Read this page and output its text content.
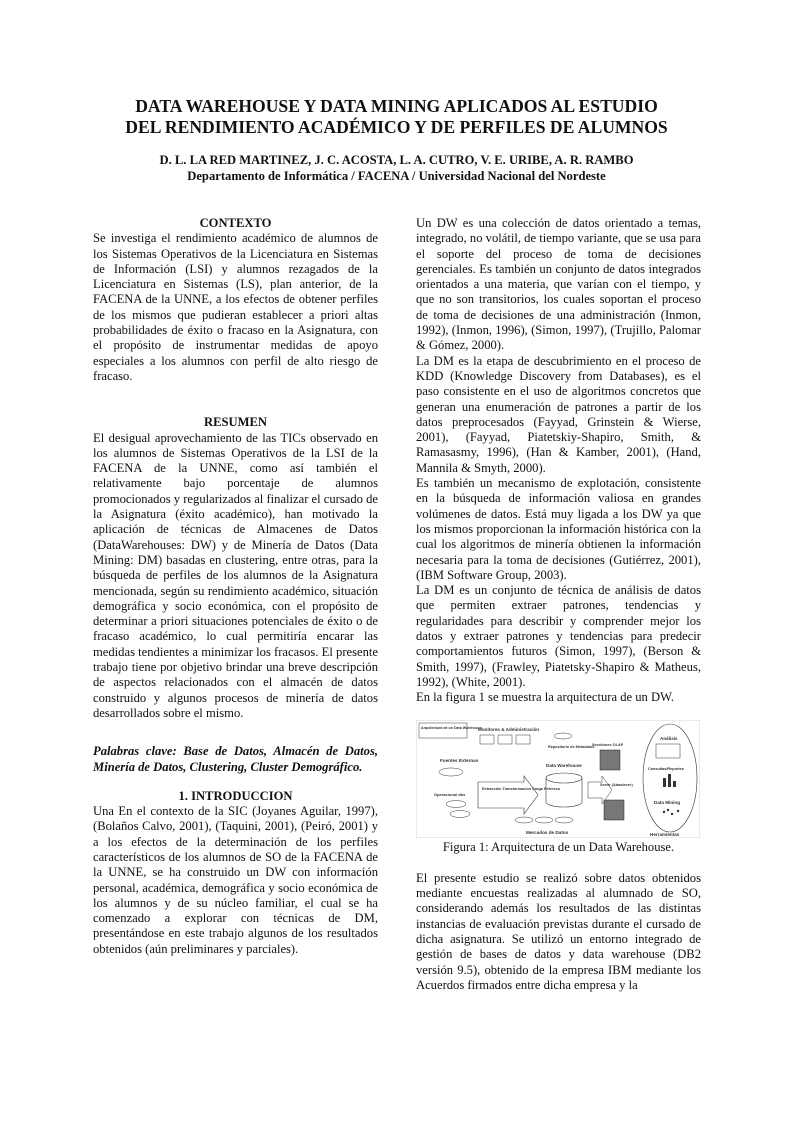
DATA WAREHOUSE Y DATA MINING APLICADOS AL ESTUDIO
DEL RENDIMIENTO ACADÉMICO Y DE PERFILES DE ALUMNOS
D. L. LA RED MARTINEZ, J. C. ACOSTA, L. A. CUTRO, V. E. URIBE, A. R. RAMBO
Departamento de Informática / FACENA / Universidad Nacional del Nordeste

CONTEXTO

Se investiga el rendimiento académico de alumnos de los Sistemas Operativos de la Licenciatura en Sistemas de Información (LSI) y alumnos rezagados de la Licenciatura en Sistemas (LS), plan anterior, de la FACENA de la UNNE, a los efectos de obtener perfiles de los mismos que pudieran establecer a priori altas probabilidades de éxito o fracaso en la Asignatura, con el propósito de instrumentar medidas de apoyo especiales a los alumnos con perfil de alto riesgo de fracaso.

RESUMEN

El desigual aprovechamiento de las TICs observado en los alumnos de Sistemas Operativos de la LSI de la FACENA de la UNNE, como así también el relativamente bajo porcentaje de alumnos promocionados y regularizados al finalizar el cursado de la Asignatura (éxito académico), han motivado la aplicación de técnicas de Almacenes de Datos (DataWarehouses: DW) y de Minería de Datos (Data Mining: DM) basadas en clustering, entre otras, para la búsqueda de perfiles de los alumnos de la Asignatura mencionada, según su rendimiento académico, situación demográfica y socio económica, con el propósito de determinar a priori situaciones potenciales de éxito o de fracaso académico, lo cual permitiría encarar las medidas tendientes a minimizar los fracasos. El presente trabajo tiene por objetivo brindar una breve descripción de aspectos relacionados con el almacén de datos construido y algunos procesos de minería de datos desarrollados sobre el mismo.

Palabras clave: Base de Datos, Almacén de Datos, Minería de Datos, Clustering, Cluster Demográfico.

1. INTRODUCCION

Una En el contexto de la SIC (Joyanes Aguilar, 1997), (Bolaños Calvo, 2001), (Taquini, 2001), (Peiró, 2001) y a los efectos de la determinación de los perfiles característicos de los alumnos de SO de la FACENA de la UNNE, se ha construido un DW con información personal, académica, demográfica y socio económica de los alumnos y de su núcleo familiar, el cual se ha comenzado a explorar con técnicas de DM, presentándose en este trabajo algunos de los resultados obtenidos (aún preliminares y parciales).

Un DW es una colección de datos orientado a temas, integrado, no volátil, de tiempo variante, que se usa para el soporte del proceso de toma de decisiones gerenciales. Es también un conjunto de datos integrados orientados a una materia, que varían con el tiempo, y que no son transitorios, los cuales soportan el proceso de toma de decisiones de una administración (Inmon, 1992), (Inmon, 1996), (Simon, 1997), (Trujillo, Palomar & Gómez, 2000).

La DM es la etapa de descubrimiento en el proceso de KDD (Knowledge Discovery from Databases), es el paso consistente en el uso de algoritmos concretos que generan una enumeración de patrones a partir de los datos preprocesados (Fayyad, Grinstein & Wierse, 2001), (Fayyad, Piatetskiy-Shapiro, Smith, & Ramasasmy, 1996), (Han & Kamber, 2001), (Hand, Mannila & Smyth, 2000).

Es también un mecanismo de explotación, consistente en la búsqueda de información valiosa en grandes volúmenes de datos. Está muy ligada a los DW ya que los mismos proporcionan la información histórica con la cual los algoritmos de minería obtienen la información necesaria para la toma de decisiones (Gutiérrez, 2001), (IBM Software Group, 2003).

La DM es un conjunto de técnica de análisis de datos que permiten extraer patrones, tendencias y regularidades para describir y comprender mejor los datos y extraer patrones y tendencias para predecir comportamientos futuros (Simon, 1997), (Berson & Smith, 1997), (Frawley, Piatetsky-Shapiro & Matheus, 1992), (White, 2001).

En la figura 1 se muestra la arquitectura de un DW.

Arquitectura de un Data Warehouse
Monitores & Administración
Repositorio de Metadatos
Fuentes Externas
Operacional dbs
Extracción Transformación Carga Refresco
Data Warehouse
Servir (Abastecer)
Servidores OLAP
Mercados de Datos
Análisis
Consultas/Reportes
Data Mining
Herramientas

Figura 1: Arquitectura de un Data Warehouse.

El presente estudio se realizó sobre datos obtenidos mediante encuestas realizadas al alumnado de SO, considerando además los resultados de las distintas instancias de evaluación previstas durante el cursado de dicha asignatura. Se utilizó un entorno integrado de gestión de bases de datos y data warehouse (DB2 versión 9.5), obtenido de la empresa IBM mediante los Acuerdos firmados entre dicha empresa y la
